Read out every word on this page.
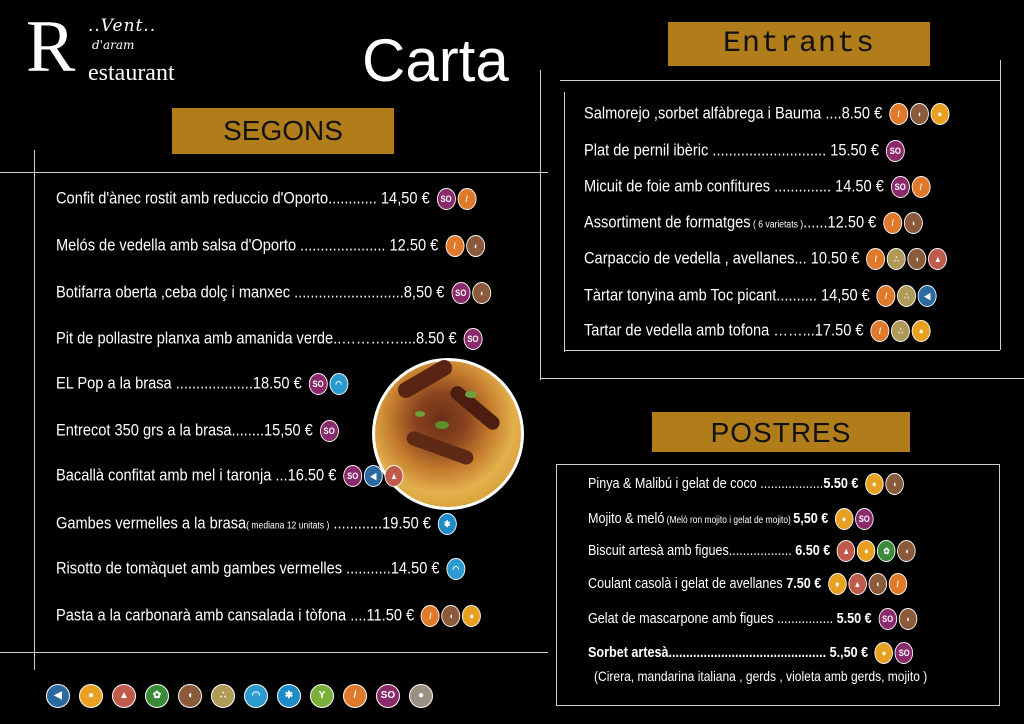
R ..Vent..
d'aram
estaurant	Carta
SEGONS
Entrants
POSTRES
Confit d'ànec rostit amb reduccio d'Oporto............ 14,50 € SO /
Melós de vedella amb salsa d'Oporto ..................... 12.50 € / ◖
Botifarra oberta ,ceba dolç i manxec ...........................8,50 € SO ◖
Pit de pollastre planxa amb amanida verde..…………....8.50 € SO
EL Pop a la brasa ...................18.50 € SO ◠
Entrecot 350 grs a la brasa........15,50 € SO
Bacallà confitat amb mel i taronja ...16.50 € SO ◀ ▲
Gambes vermelles a la brasa( mediana 12 unitats ) ............19.50 € ✱
Risotto de tomàquet amb gambes vermelles ...........14.50 € ◠
Pasta a la carbonarà amb cansalada i tòfona ....11.50 € / ◖ ●
Salmorejo ,sorbet alfàbrega i Bauma ....8.50 € / ◖ ●
Plat de pernil ibèric ............................ 15.50 € SO
Micuit de foie amb confitures .............. 14.50 € SO /
Assortiment de formatges ( 6 varietats )......12.50 € / ◖
Carpaccio de vedella , avellanes... 10.50 € / ∴ ◖ ▲
Tàrtar tonyina amb Toc picant.......... 14,50 € / ∴ ◀
Tartar de vedella amb tofona ……...17.50 € / ∴ ●
Pinya & Malibú i gelat de coco ..................5.50 € ● ◖
Mojito & meló (Meló ron mojito i gelat de mojito) 5,50 € ● SO
Biscuit artesà amb figues.................. 6.50 € ▲ ● ✿ ◖
Coulant casolà i gelat de avellanes 7.50 € ● ▲ ◖ /
Gelat de mascarpone amb figues ................ 5.50 € SO ◖
Sorbet artesà............................................. 5.,50 € ● SO
(Cirera, mandarina italiana , gerds , violeta amb gerds, mojito )
◀	●	▲	✿	◖	∴	◠	✱	Y	/	SO	●
